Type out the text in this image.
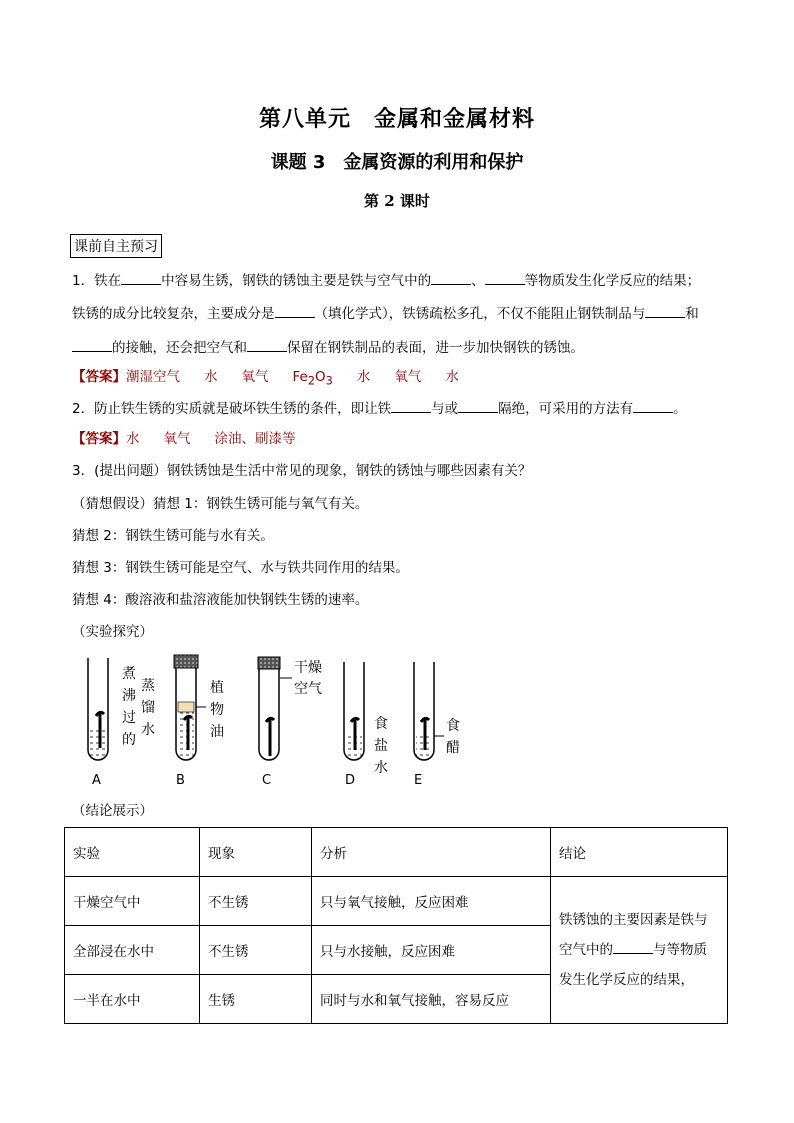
第八单元　金属和金属材料
课题 3　金属资源的利用和保护
第 2 课时
课前自主预习
1．铁在	中容易生锈，钢铁的锈蚀主要是铁与空气中的	、	等物质发生化学反应的结果；
铁锈的成分比较复杂，主要成分是	（填化学式），铁锈疏松多孔，不仅不能阻止钢铁制品与	和
的接触，还会把空气和	保留在钢铁制品的表面，进一步加快钢铁的锈蚀。
【答案】潮湿空气 水 氧气 $Fe_2O_3$ 水 氧气 水
2．防止铁生锈的实质就是破坏铁生锈的条件，即让铁	与或	隔绝，可采用的方法有	。
【答案】水 氧气 涂油、刷漆等
3．(提出问题）钢铁锈蚀是生活中常见的现象，钢铁的锈蚀与哪些因素有关？
（猜想假设）猜想 1：钢铁生锈可能与氧气有关。
猜想 2：钢铁生锈可能与水有关。
猜想 3：钢铁生锈可能是空气、水与铁共同作用的结果。
猜想 4：酸溶液和盐溶液能加快钢铁生锈的速率。
（实验探究）
煮
沸
过
的
蒸
馏
水
植
物
油
干燥
空气
食
盐
水
食
醋
A	B	C	D	E
（结论展示）
实验	现象	分析	结论
干燥空气中	不生锈	只与氧气接触，反应困难	铁锈蚀的主要因素是铁与
空气中的 与等物质
发生化学反应的结果，

全部浸在水中	不生锈	只与水接触，反应困难	
一半在水中	生锈	同时与水和氧气接触，容易反应	
